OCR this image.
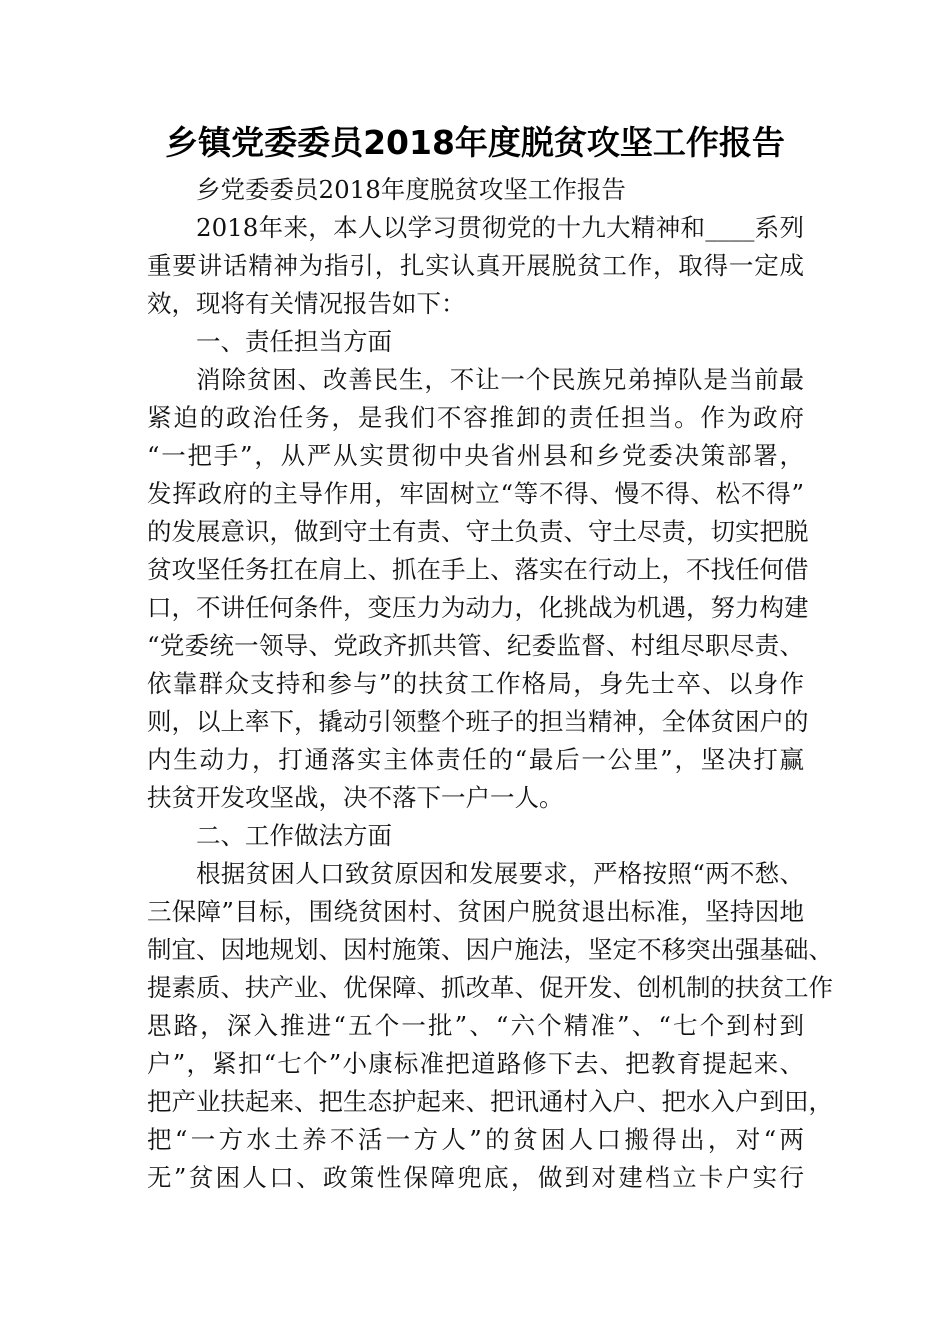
乡镇党委委员2018年度脱贫攻坚工作报告
乡党委委员2018年度脱贫攻坚工作报告
2018年来，本人以学习贯彻党的十九大精神和____系列
重要讲话精神为指引，扎实认真开展脱贫工作，取得一定成
效，现将有关情况报告如下：
一、责任担当方面
消除贫困、改善民生，不让一个民族兄弟掉队是当前最
紧迫的政治任务，是我们不容推卸的责任担当。作为政府
“一把手”，从严从实贯彻中央省州县和乡党委决策部署，
发挥政府的主导作用，牢固树立“等不得、慢不得、松不得”
的发展意识，做到守土有责、守土负责、守土尽责，切实把脱
贫攻坚任务扛在肩上、抓在手上、落实在行动上，不找任何借
口，不讲任何条件，变压力为动力，化挑战为机遇，努力构建
“党委统一领导、党政齐抓共管、纪委监督、村组尽职尽责、
依靠群众支持和参与”的扶贫工作格局，身先士卒、以身作
则，以上率下，撬动引领整个班子的担当精神，全体贫困户的
内生动力，打通落实主体责任的“最后一公里”，坚决打赢
扶贫开发攻坚战，决不落下一户一人。
二、工作做法方面
根据贫困人口致贫原因和发展要求，严格按照“两不愁、
三保障”目标，围绕贫困村、贫困户脱贫退出标准，坚持因地
制宜、因地规划、因村施策、因户施法，坚定不移突出强基础、
提素质、扶产业、优保障、抓改革、促开发、创机制的扶贫工作
思路，深入推进“五个一批”、“六个精准”、“七个到村到
户”，紧扣“七个”小康标准把道路修下去、把教育提起来、
把产业扶起来、把生态护起来、把讯通村入户、把水入户到田，
把“一方水土养不活一方人”的贫困人口搬得出，对“两
无”贫困人口、政策性保障兜底，做到对建档立卡户实行
